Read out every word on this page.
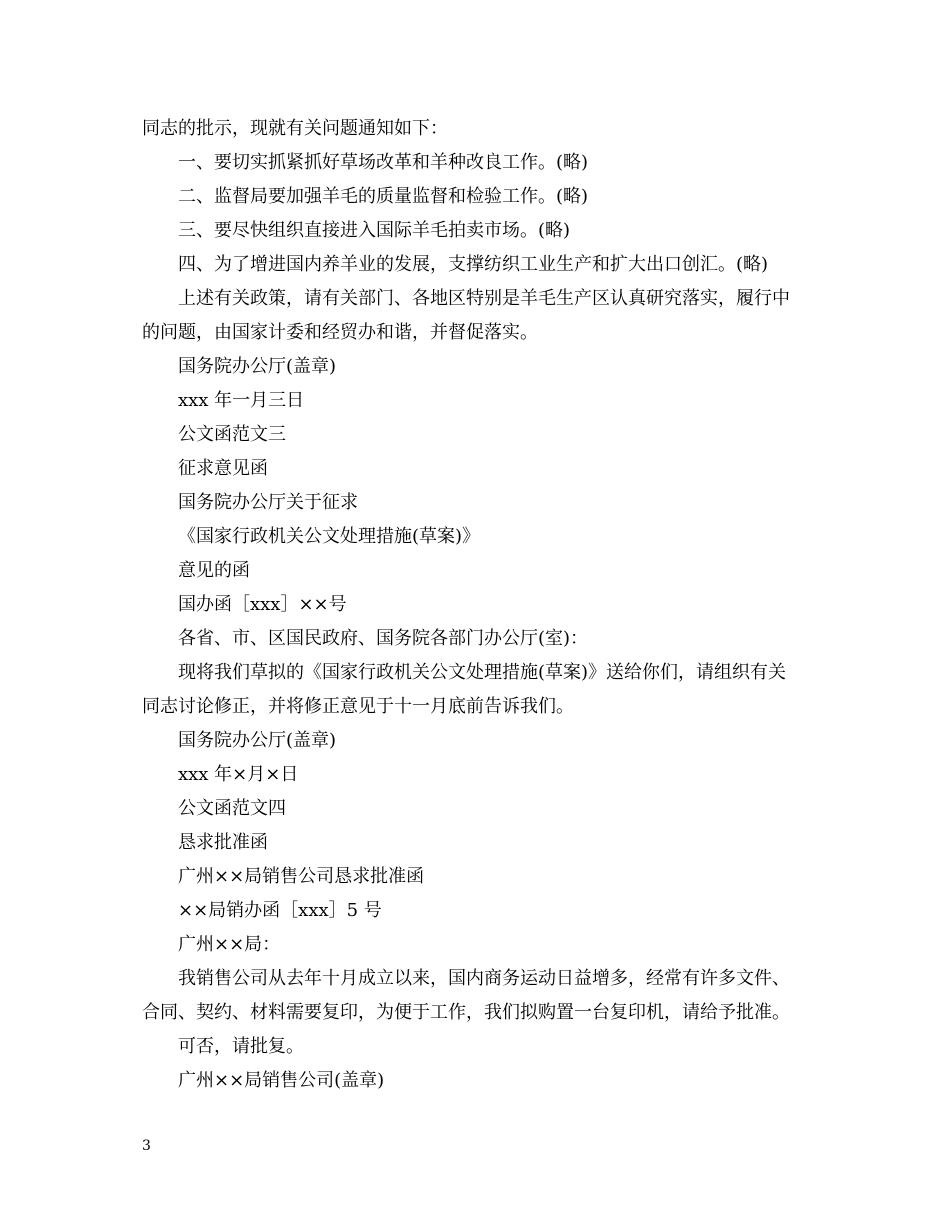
同志的批示，现就有关问题通知如下：
一、要切实抓紧抓好草场改革和羊种改良工作。(略)
二、监督局要加强羊毛的质量监督和检验工作。(略)
三、要尽快组织直接进入国际羊毛拍卖市场。(略)
四、为了增进国内养羊业的发展，支撑纺织工业生产和扩大出口创汇。(略)
上述有关政策，请有关部门、各地区特别是羊毛生产区认真研究落实，履行中
的问题，由国家计委和经贸办和谐，并督促落实。
国务院办公厅(盖章)
xxx 年一月三日
公文函范文三
征求意见函
国务院办公厅关于征求
《国家行政机关公文处理措施(草案)》
意见的函
国办函［xxx］××号
各省、市、区国民政府、国务院各部门办公厅(室)：
现将我们草拟的《国家行政机关公文处理措施(草案)》送给你们，请组织有关
同志讨论修正，并将修正意见于十一月底前告诉我们。
国务院办公厅(盖章)
xxx 年×月×日
公文函范文四
恳求批准函
广州××局销售公司恳求批准函
××局销办函［xxx］5 号
广州××局：
我销售公司从去年十月成立以来，国内商务运动日益增多，经常有许多文件、
合同、契约、材料需要复印，为便于工作，我们拟购置一台复印机，请给予批准。
可否，请批复。
广州××局销售公司(盖章)
3
